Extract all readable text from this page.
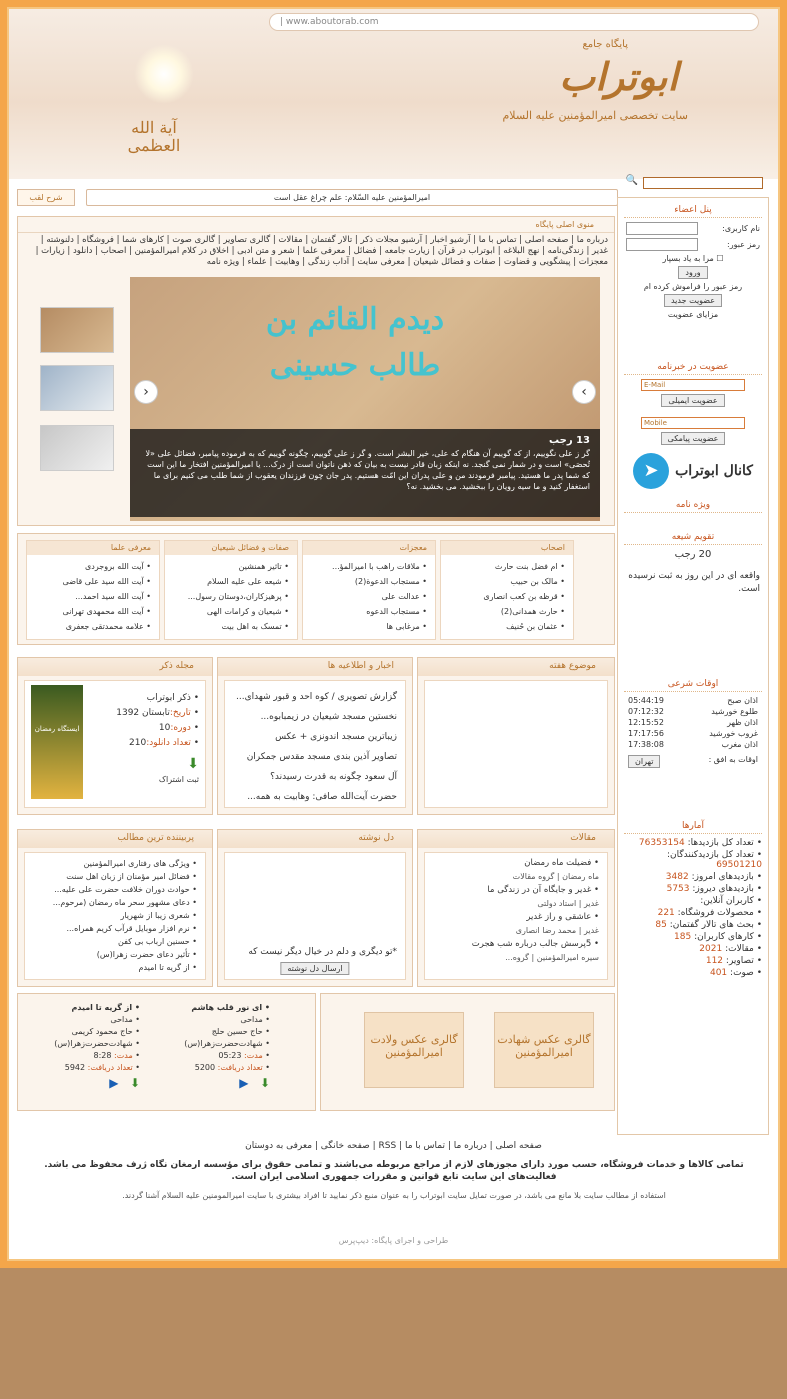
| www.aboutorab.com
پایگاه جامع
ابوتراب
سایت تخصصی امیرالمؤمنین علیه السلام
آیة الله العظمی
🔍
شرح لقب	امیرالمؤمنین علیه السّلام: علم چراغ عقل است
منوی اصلی پایگاه
درباره ما | صفحه اصلی | تماس با ما | آرشیو اخبار | آرشیو مجلات ذکر | تالار گفتمان | مقالات | گالری تصاویر | گالری صوت | کارهای شما | فروشگاه | دلنوشته | غدیر | زندگی‌نامه | نهج البلاغه | ابوتراب در قرآن | زیارت جامعه | فضائل | معرفی علما | شعر و متن ادبی | اخلاق در کلام امیرالمؤمنین | اصحاب | دانلود | زیارات | معجزات | پیشگویی و قضاوت | صفات و فضائل شیعیان | معرفی سایت | آداب زندگی | وهابیت | علماء | ویژه نامه
دیدم القائم بن طالب حسینی
‹	›
13 رجب
گر ز علی نگوییم، از که گوییم آن هنگام که علی، خیر البشر است. و گر ز علی گوییم، چگونه گوییم که به فرموده پیامبر، فضائل علی «لا تُحصَی» است و در شمار نمی گنجد. نه اینکه زبان قادر نیست به بیان که ذهن ناتوان است از درک... یا امیرالمؤمنین افتخار ما این است که شما پدر ما هستید. پیامبر فرمودند من و علی پدران این امّت هستیم. پدر جان چون فرزندان یعقوب از شما طلب می کنیم برای ما استغفار کنید و ما سیه رویان را ببخشید. می بخشید. نه؟
اصحاب
• ام فضل بنت حارث
• مالک بن حبیب
• قرظه بن کعب انصاری
• حارث همدانی(2)
• عثمان بن حُنیف
معجزات
• ملاقات راهب با امیرالمؤ...
• مستجاب الدعوة(2)
• عدالت علی
• مستجاب الدعوه
• مرغابی ها
صفات و فضائل شیعیان
• تاثیر همنشین
• شیعه علی علیه السلام
• پرهیزکاران،دوستان رسول...
• شیعیان و کرامات الهی
• تمسک به اهل بیت
معرفی علما
• آیت الله بروجردی
• آیت الله سید علی قاضی
• آیت الله سید احمد...
• آیت الله محمهدی تهرانی
• علامه محمدتقی جعفری
موضوع هفته
اخبار و اطلاعیه ها
گزارش تصویری / کوه احد و قبور شهدای...
نخستین مسجد شیعیان در زیمبابوه...
زیباترین مسجد اندونزی + عکس
تصاویر آذین بندی مسجد مقدس جمکران
آل سعود چگونه به قدرت رسیدند؟
حضرت آیت‌الله صافی: وهابیت به همه...
مجله ذکر
ایستگاه رمضان
• ذکر ابوتراب
• تاریخ:تابستان 1392
• دوره:10
• تعداد دانلود:210
⬇
ثبت اشتراک
مقالات
• فضیلت ماه رمضان
ماه رمضان | گروه مقالات
• غدیر و جایگاه آن در زندگی ما
غدیر | استاد دولتی
• عاشقی و راز غدیر
غدیر | محمد رضا انصاری
• 5پرسش جالب درباره شب هجرت
سیره امیرالمؤمنین | گروه...
دل نوشته
*تو دیگری و دلم در خیال دیگر نیست که
ارسال دل نوشته
پربیننده ترین مطالب
• ویژگی های رفتاری امیرالمؤمنین
• فضائل امیر مؤمنان از زبان اهل سنت
• حوادث دوران خلافت حضرت علی علیه...
• دعای مشهور سحر ماه رمضان (مرحوم...
• شعری زیبا از شهریار
• نرم افزار موبایل قرآب کریم همراه...
• حسنین ارباب بی کفن
• تأثیر دعای حضرت زهرا(س)
• از گریه تا امیدم
گالری عکس شهادت امیرالمؤمنین
گالری عکس ولادت امیرالمؤمنین
• از گریه تا امیدم
• مداحی
• حاج محمود کریمی
• شهادت‌حضرت‌زهرا(س)
• مدت: 8:28
• تعداد دریافت: 5942
⬇   ▶
• ای نور قلب هاشم
• مداحی
• حاج حسین حلج
• شهادت‌حضرت‌زهرا(س)
• مدت: 05:23
• تعداد دریافت: 5200
⬇   ▶
پنل اعضاء
نام کاربری:
رمز عبور:
☐ مرا به یاد بسپار
ورود
رمز عبور را فراموش کرده ام
عضویت جدید
مزایای عضویت
عضویت در خبرنامه
E-Mail
عضویت ایمیلی
Mobile
عضویت پیامکی
کانال ابوتراب
➤
ویژه نامه
تقویم شیعه
20 رجب
واقعه ای در این روز به ثبت نرسیده است.
اوقات شرعی
اذان صبح
05:44:19
طلوع خورشید
07:12:32
اذان ظهر
12:15:52
غروب خورشید
17:17:56
اذان مغرب
17:38:08
اوقات به افق :
تهران
آمارها
• تعداد کل بازدیدها: 76353154
• تعداد کل بازدیدکنندگان: 69501210
• بازدیدهای امروز: 3482
• بازدیدهای دیروز: 5753
• کاربران آنلاین:
• محصولات فروشگاه: 221
• بحث های تالار گفتمان: 85
• کارهای کاربران: 185
• مقالات: 2021
• تصاویر: 112
• صوت: 401
صفحه اصلی | درباره ما | تماس با ما | RSS | صفحه خانگی | معرفی به دوستان
تمامی کالاها و خدمات فروشگاه، حسب مورد دارای مجوزهای لازم از مراجع مربوطه می‌باشند و تمامی حقوق برای مؤسسه ارمغان نگاه ژرف محفوظ می باشد. فعالیت‌های این سایت تابع قوانین و مقررات جمهوری اسلامی ایران است.
استفاده از مطالب سایت بلا مانع می باشد، در صورت تمایل سایت ابوتراب را به عنوان منبع ذکر نمایید تا افراد بیشتری با سایت امیرالمومنین علیه السلام آشنا گردند.
طراحی و اجرای پایگاه: دیپ‌پرس
